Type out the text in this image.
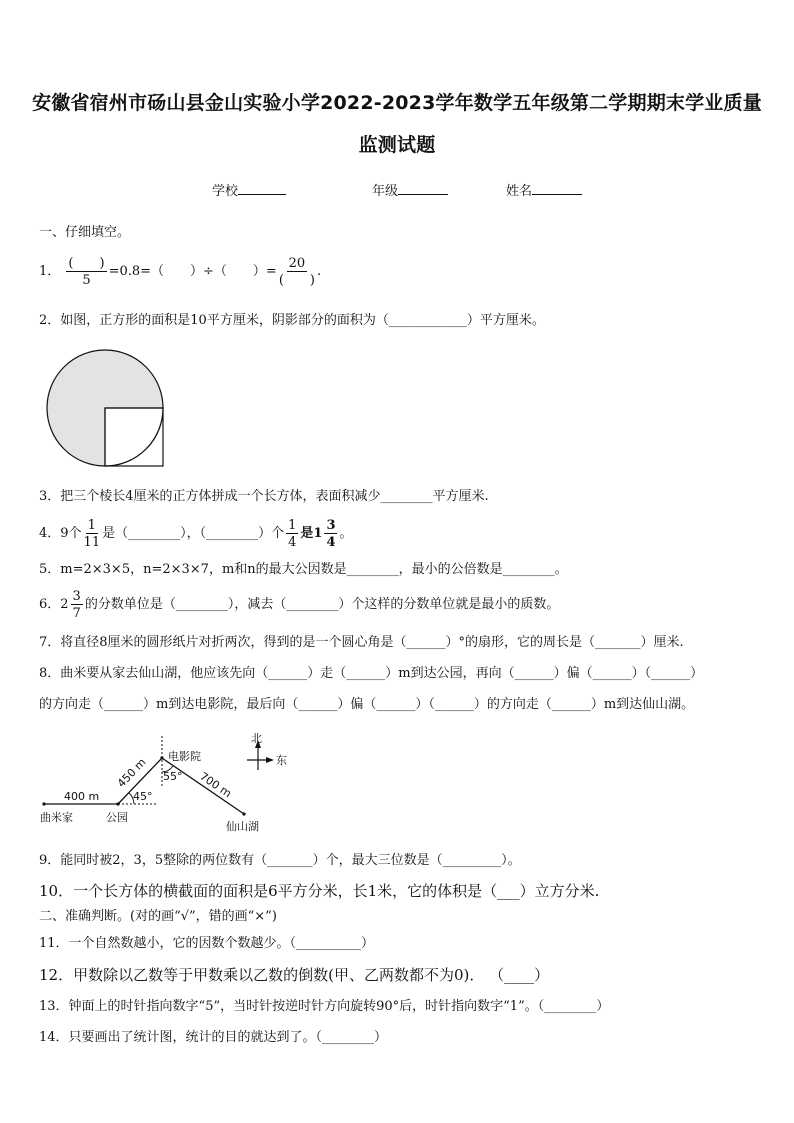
安徽省宿州市砀山县金山实验小学2022-2023学年数学五年级第二学期期末学业质量
监测试题
学校	年级	姓名
一、仔细填空。
1． $\frac{( )}{5} =0.8=$（　　）÷（　　）= $\frac{20}{( )}$ .
2．如图，正方形的面积是10平方厘米，阴影部分的面积为（____________）平方厘米。
3．把三个棱长4厘米的正方体拼成一个长方体，表面积减少________平方厘米.
4．9个 $\frac{1}{11}$ 是（________），（________）个 $\frac{1}{4}$ 是$1 \frac{3}{4}$ 。
5．m=2×3×5，n=2×3×7，m和n的最大公因数是________，最小的公倍数是________。
6．$2 \frac{3}{7}$ 的分数单位是（________），减去（________）个这样的分数单位就是最小的质数。
7．将直径8厘米的圆形纸片对折两次，得到的是一个圆心角是（______）°的扇形，它的周长是（_______）厘米.
8．曲米要从家去仙山湖，他应该先向（______）走（______）m到达公园，再向（______）偏（______）（______）
的方向走（______）m到达电影院，最后向（______）偏（______）（______）的方向走（______）m到达仙山湖。
北
东
400 m
450 m	700 m
45°
55°
电影院
公园
曲米家
仙山湖
9．能同时被2，3，5整除的两位数有（_______）个，最大三位数是（_________）。
10．一个长方体的横截面的面积是6平方分米，长1米，它的体积是（___）立方分米.
二、准确判断。(对的画“√”，错的画“×”)
11．一个自然数越小，它的因数个数越少。（__________）
12．甲数除以乙数等于甲数乘以乙数的倒数(甲、乙两数都不为0)． （____）
13．钟面上的时针指向数字“5”，当时针按逆时针方向旋转90°后，时针指向数字“1”。（________）
14．只要画出了统计图，统计的目的就达到了。（________）
